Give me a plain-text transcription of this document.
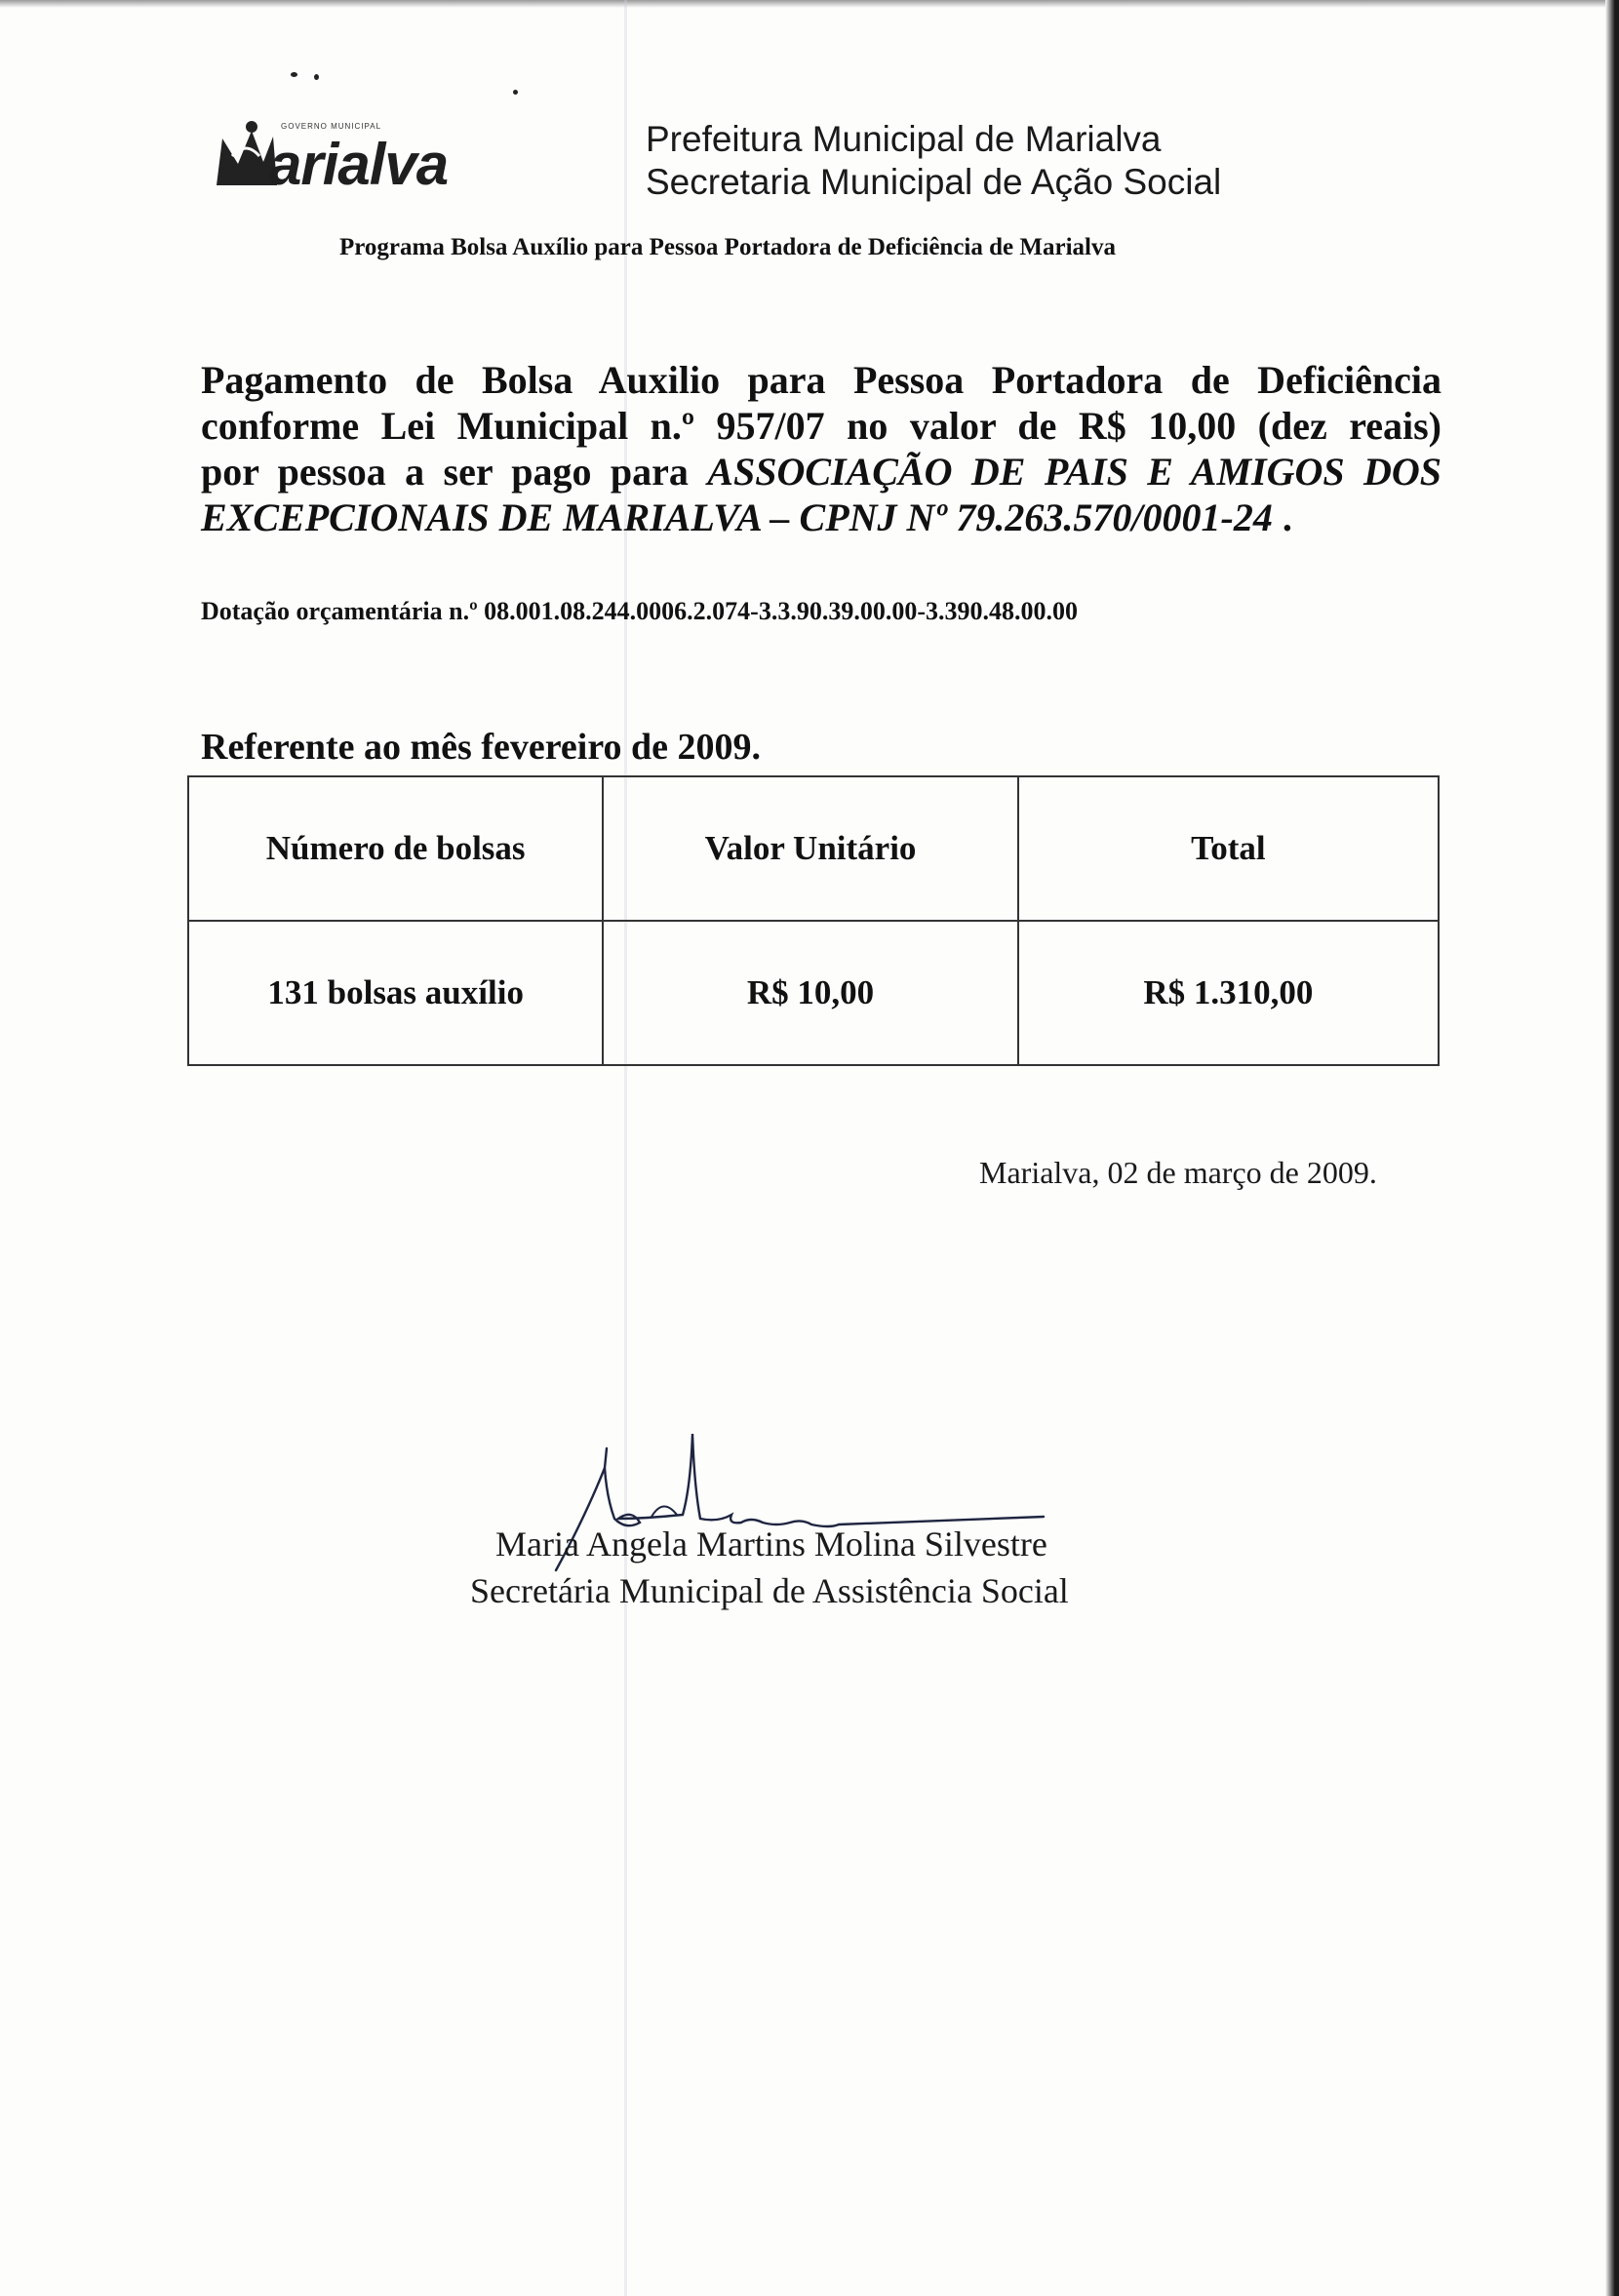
GOVERNO MUNICIPAL
arialva	Prefeitura Municipal de Marialva
Secretaria Municipal de Ação Social
Programa Bolsa Auxílio para Pessoa Portadora de Deficiência de Marialva
Pagamento de Bolsa Auxilio para Pessoa Portadora de Deficiência
conforme Lei Municipal n.º 957/07 no valor de R$ 10,00 (dez reais)
por pessoa a ser pago para ASSOCIAÇÃO DE PAIS E AMIGOS DOS
EXCEPCIONAIS DE MARIALVA – CPNJ Nº 79.263.570/0001-24 .
Dotação orçamentária n.º 08.001.08.244.0006.2.074-3.3.90.39.00.00-3.390.48.00.00
Referente ao mês fevereiro de 2009.
Número de bolsas	Valor Unitário	Total
131 bolsas auxílio	R$ 10,00	R$ 1.310,00
Marialva, 02 de março de 2009.
Maria Angela Martins Molina Silvestre
Secretária Municipal de Assistência Social
